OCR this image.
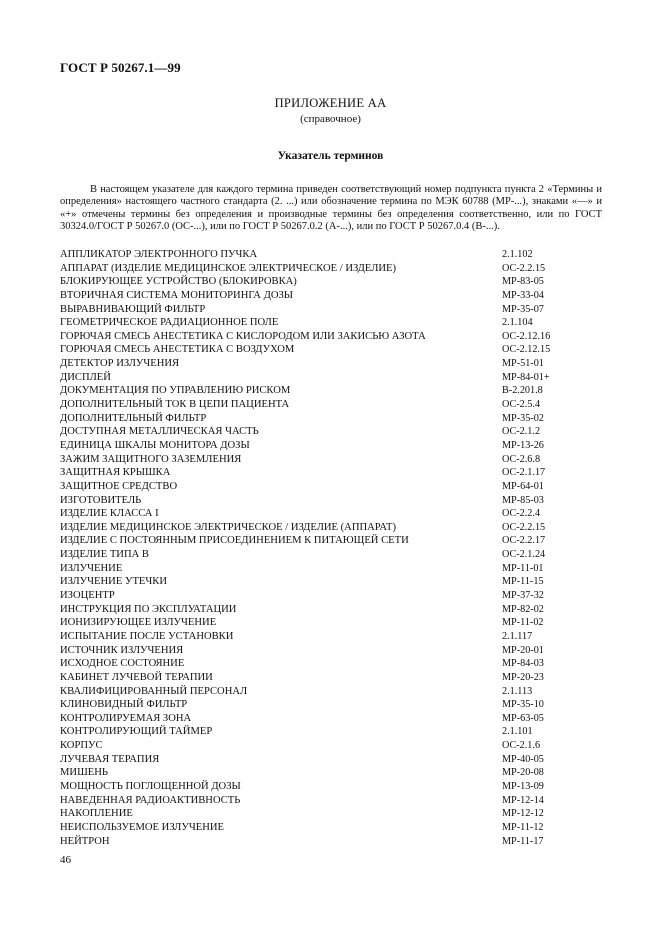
ГОСТ Р 50267.1—99
ПРИЛОЖЕНИЕ АА
(справочное)
Указатель терминов

В настоящем указателе для каждого термина приведен соответствующий номер подпункта пункта 2 «Термины и определения» настоящего частного стандарта (2. ...) или обозначение термина по МЭК 60788 (МР-...), знаками «—» и «+» отмечены термины без определения и производные термины без определения соответственно, или по ГОСТ 30324.0/ГОСТ Р 50267.0 (ОС-...), или по ГОСТ Р 50267.0.2 (А-...), или по ГОСТ Р 50267.0.4 (В-...).

АППЛИКАТОР ЭЛЕКТРОННОГО ПУЧКА	2.1.102
АППАРАТ (ИЗДЕЛИЕ МЕДИЦИНСКОЕ ЭЛЕКТРИЧЕСКОЕ / ИЗДЕЛИЕ)	ОС-2.2.15
БЛОКИРУЮЩЕЕ УСТРОЙСТВО (БЛОКИРОВКА)	МР-83-05
ВТОРИЧНАЯ СИСТЕМА МОНИТОРИНГА ДОЗЫ	МР-33-04
ВЫРАВНИВАЮЩИЙ ФИЛЬТР	МР-35-07
ГЕОМЕТРИЧЕСКОЕ РАДИАЦИОННОЕ ПОЛЕ	2.1.104
ГОРЮЧАЯ СМЕСЬ АНЕСТЕТИКА С КИСЛОРОДОМ ИЛИ ЗАКИСЬЮ АЗОТА	ОС-2.12.16
ГОРЮЧАЯ СМЕСЬ АНЕСТЕТИКА С ВОЗДУХОМ	ОС-2.12.15
ДЕТЕКТОР ИЗЛУЧЕНИЯ	МР-51-01
ДИСПЛЕЙ	МР-84-01+
ДОКУМЕНТАЦИЯ ПО УПРАВЛЕНИЮ РИСКОМ	В-2.201.8
ДОПОЛНИТЕЛЬНЫЙ ТОК В ЦЕПИ ПАЦИЕНТА	ОС-2.5.4
ДОПОЛНИТЕЛЬНЫЙ ФИЛЬТР	МР-35-02
ДОСТУПНАЯ МЕТАЛЛИЧЕСКАЯ ЧАСТЬ	ОС-2.1.2
ЕДИНИЦА ШКАЛЫ МОНИТОРА ДОЗЫ	МР-13-26
ЗАЖИМ ЗАЩИТНОГО ЗАЗЕМЛЕНИЯ	ОС-2.6.8
ЗАЩИТНАЯ КРЫШКА	ОС-2.1.17
ЗАЩИТНОЕ СРЕДСТВО	МР-64-01
ИЗГОТОВИТЕЛЬ	МР-85-03
ИЗДЕЛИЕ КЛАССА I	ОС-2.2.4
ИЗДЕЛИЕ МЕДИЦИНСКОЕ ЭЛЕКТРИЧЕСКОЕ / ИЗДЕЛИЕ (АППАРАТ)	ОС-2.2.15
ИЗДЕЛИЕ С ПОСТОЯННЫМ ПРИСОЕДИНЕНИЕМ К ПИТАЮЩЕЙ СЕТИ	ОС-2.2.17
ИЗДЕЛИЕ ТИПА В	ОС-2.1.24
ИЗЛУЧЕНИЕ	МР-11-01
ИЗЛУЧЕНИЕ УТЕЧКИ	МР-11-15
ИЗОЦЕНТР	МР-37-32
ИНСТРУКЦИЯ ПО ЭКСПЛУАТАЦИИ	МР-82-02
ИОНИЗИРУЮЩЕЕ ИЗЛУЧЕНИЕ	МР-11-02
ИСПЫТАНИЕ ПОСЛЕ УСТАНОВКИ	2.1.117
ИСТОЧНИК ИЗЛУЧЕНИЯ	МР-20-01
ИСХОДНОЕ СОСТОЯНИЕ	МР-84-03
КАБИНЕТ ЛУЧЕВОЙ ТЕРАПИИ	МР-20-23
КВАЛИФИЦИРОВАННЫЙ ПЕРСОНАЛ	2.1.113
КЛИНОВИДНЫЙ ФИЛЬТР	МР-35-10
КОНТРОЛИРУЕМАЯ ЗОНА	МР-63-05
КОНТРОЛИРУЮЩИЙ ТАЙМЕР	2.1.101
КОРПУС	ОС-2.1.6
ЛУЧЕВАЯ ТЕРАПИЯ	МР-40-05
МИШЕНЬ	МР-20-08
МОЩНОСТЬ ПОГЛОЩЕННОЙ ДОЗЫ	МР-13-09
НАВЕДЕННАЯ РАДИОАКТИВНОСТЬ	МР-12-14
НАКОПЛЕНИЕ	МР-12-12
НЕИСПОЛЬЗУЕМОЕ ИЗЛУЧЕНИЕ	МР-11-12
НЕЙТРОН	МР-11-17
46
